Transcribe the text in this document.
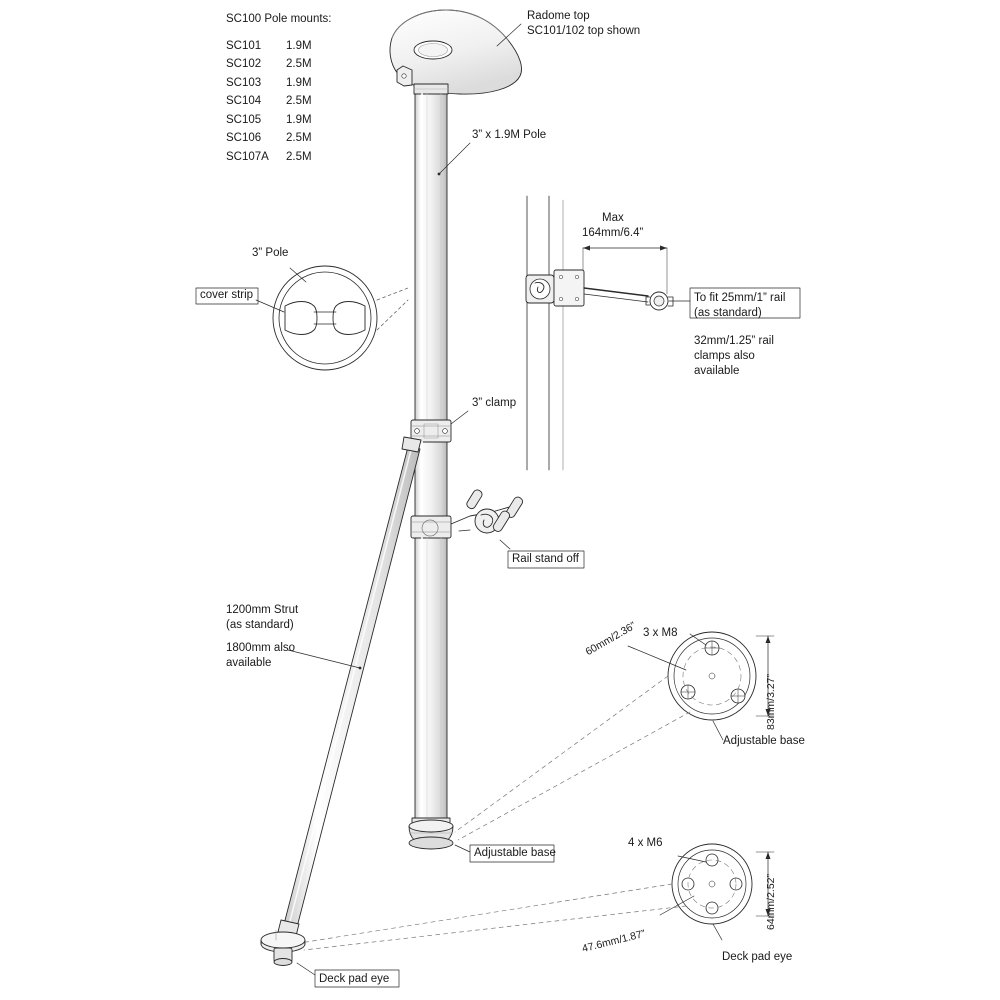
SC100 Pole mounts:
SC101 1.9M
SC102 2.5M
SC103 1.9M
SC104 2.5M
SC105 1.9M
SC106 2.5M
SC107A 2.5M
Radome top
SC101/102 top shown
3” x 1.9M Pole
3” Pole
cover strip
Max
164mm/6.4”
To fit 25mm/1” rail
(as standard)
32mm/1.25” rail
clamps also
available
3” clamp
Rail stand off
1200mm Strut
(as standard)
1800mm also
available
3 x M8
60mm/2.36”
83mm/3.27”
Adjustable base
Adjustable base
4 x M6
47.6mm/1.87”
64mm/2.52”
Deck pad eye
Deck pad eye
